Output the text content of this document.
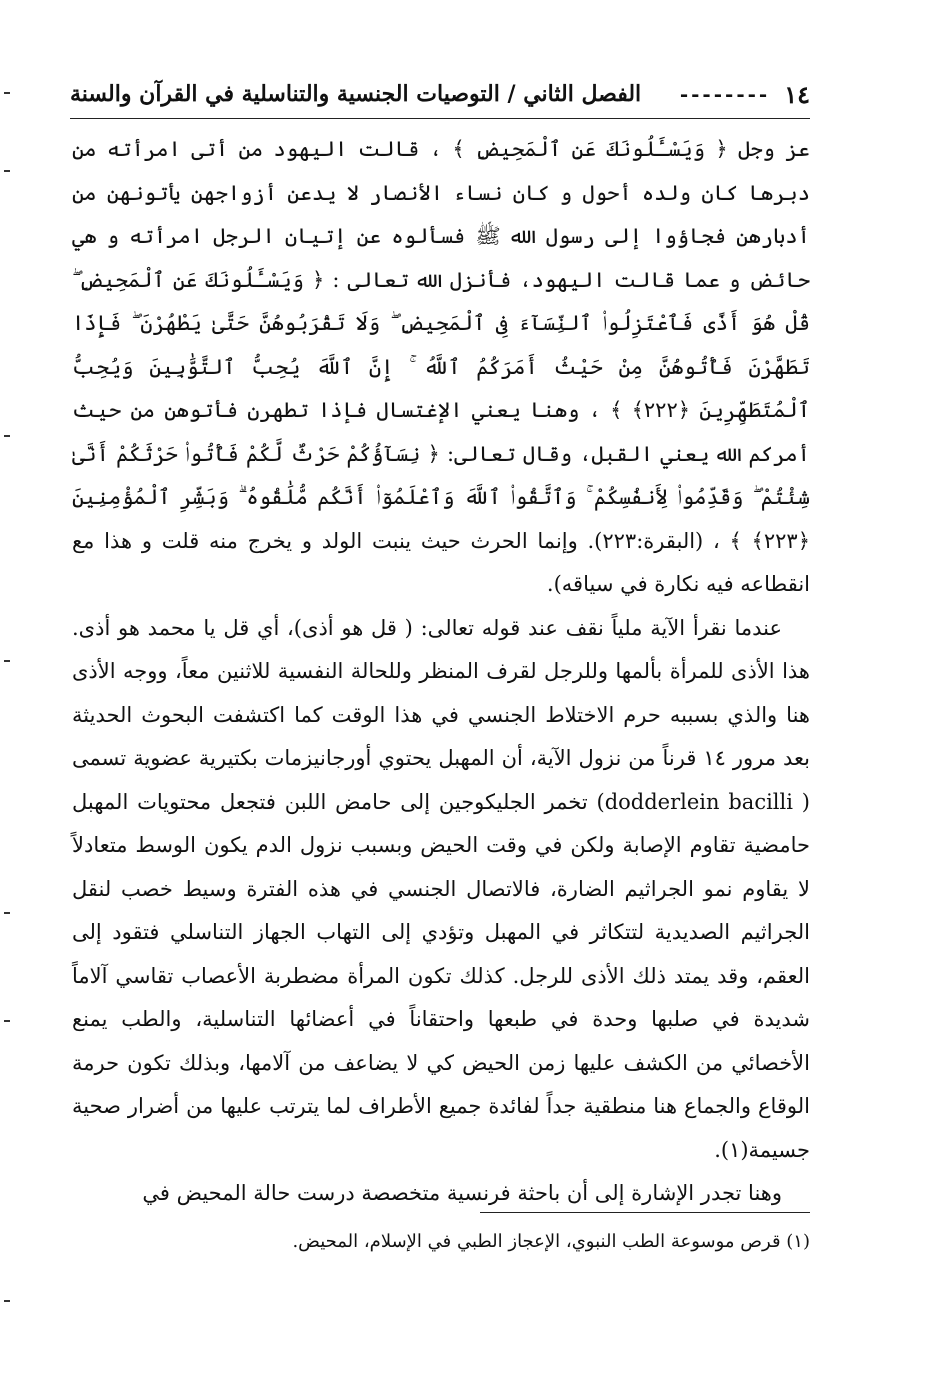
١٤
--------
الفصل الثاني / التوصيات الجنسية والتناسلية في القرآن والسنة

عز وجل ﴿ وَيَسْـَٔلُونَكَ عَنِ ٱلْمَحِيضِ ﴾ ، قالت اليهود من أتى امرأته من دبرها كان ولده أحول و كان نساء الأنصار لا يدعن أزواجهن يأتونهن من أدبارهن فجاؤوا إلى رسول الله ﷺ فسألوه عن إتيان الرجل امرأته و هي حائض و عما قالت اليهود، فأنزل الله تعالى : ﴿ وَيَسْـَٔلُونَكَ عَنِ ٱلْمَحِيضِ ۖ قُلْ هُوَ أَذًى فَٱعْتَزِلُوا۟ ٱلنِّسَآءَ فِى ٱلْمَحِيضِ ۖ وَلَا تَقْرَبُوهُنَّ حَتَّىٰ يَطْهُرْنَ ۖ فَإِذَا تَطَهَّرْنَ فَأْتُوهُنَّ مِنْ حَيْثُ أَمَرَكُمُ ٱللَّهُ ۚ إِنَّ ٱللَّهَ يُحِبُّ ٱلتَّوَّٰبِينَ وَيُحِبُّ ٱلْمُتَطَهِّرِينَ ﴿٢٢٢﴾ ﴾ ، وهنا يعني الإغتسال فإذا تطهرن فأتوهن من حيث أمركم الله يعني القبل، وقال تعالى: ﴿ نِسَآؤُكُمْ حَرْثٌ لَّكُمْ فَأْتُوا۟ حَرْثَكُمْ أَنَّىٰ شِئْتُمْ ۖ وَقَدِّمُوا۟ لِأَنفُسِكُمْ ۚ وَٱتَّقُوا۟ ٱللَّهَ وَٱعْلَمُوٓا۟ أَنَّكُم مُّلَٰقُوهُ ۗ وَبَشِّرِ ٱلْمُؤْمِنِينَ ﴿٢٢٣﴾ ﴾ ، (البقرة:٢٢٣). وإنما الحرث حيث ينبت الولد و يخرج منه قلت و هذا مع انقطاعه فيه نكارة في سياقه).

عندما نقرأ الآية ملياً نقف عند قوله تعالى: ( قل هو أذى)، أي قل يا محمد هو أذى. هذا الأذى للمرأة بألمها وللرجل لقرف المنظر وللحالة النفسية للاثنين معاً، ووجه الأذى هنا والذي بسببه حرم الاختلاط الجنسي في هذا الوقت كما اكتشفت البحوث الحديثة بعد مرور ١٤ قرناً من نزول الآية، أن المهبل يحتوي أورجانيزمات بكتيرية عضوية تسمى ( dodderlein bacilli) تخمر الجليكوجين إلى حامض اللبن فتجعل محتويات المهبل حامضية تقاوم الإصابة ولكن في وقت الحيض وبسبب نزول الدم يكون الوسط متعادلاً لا يقاوم نمو الجراثيم الضارة، فالاتصال الجنسي في هذه الفترة وسيط خصب لنقل الجراثيم الصديدية لتتكاثر في المهبل وتؤدي إلى التهاب الجهاز التناسلي فتقود إلى العقم، وقد يمتد ذلك الأذى للرجل. كذلك تكون المرأة مضطربة الأعصاب تقاسي آلاماً شديدة في صلبها وحدة في طبعها واحتقاناً في أعضائها التناسلية، والطب يمنع الأخصائي من الكشف عليها زمن الحيض كي لا يضاعف من آلامها، وبذلك تكون حرمة الوقاع والجماع هنا منطقية جداً لفائدة جميع الأطراف لما يترتب عليها من أضرار صحية جسيمة(١).

وهنا تجدر الإشارة إلى أن باحثة فرنسية متخصصة درست حالة المحيض في

(١) قرص موسوعة الطب النبوي، الإعجاز الطبي في الإسلام، المحيض.
